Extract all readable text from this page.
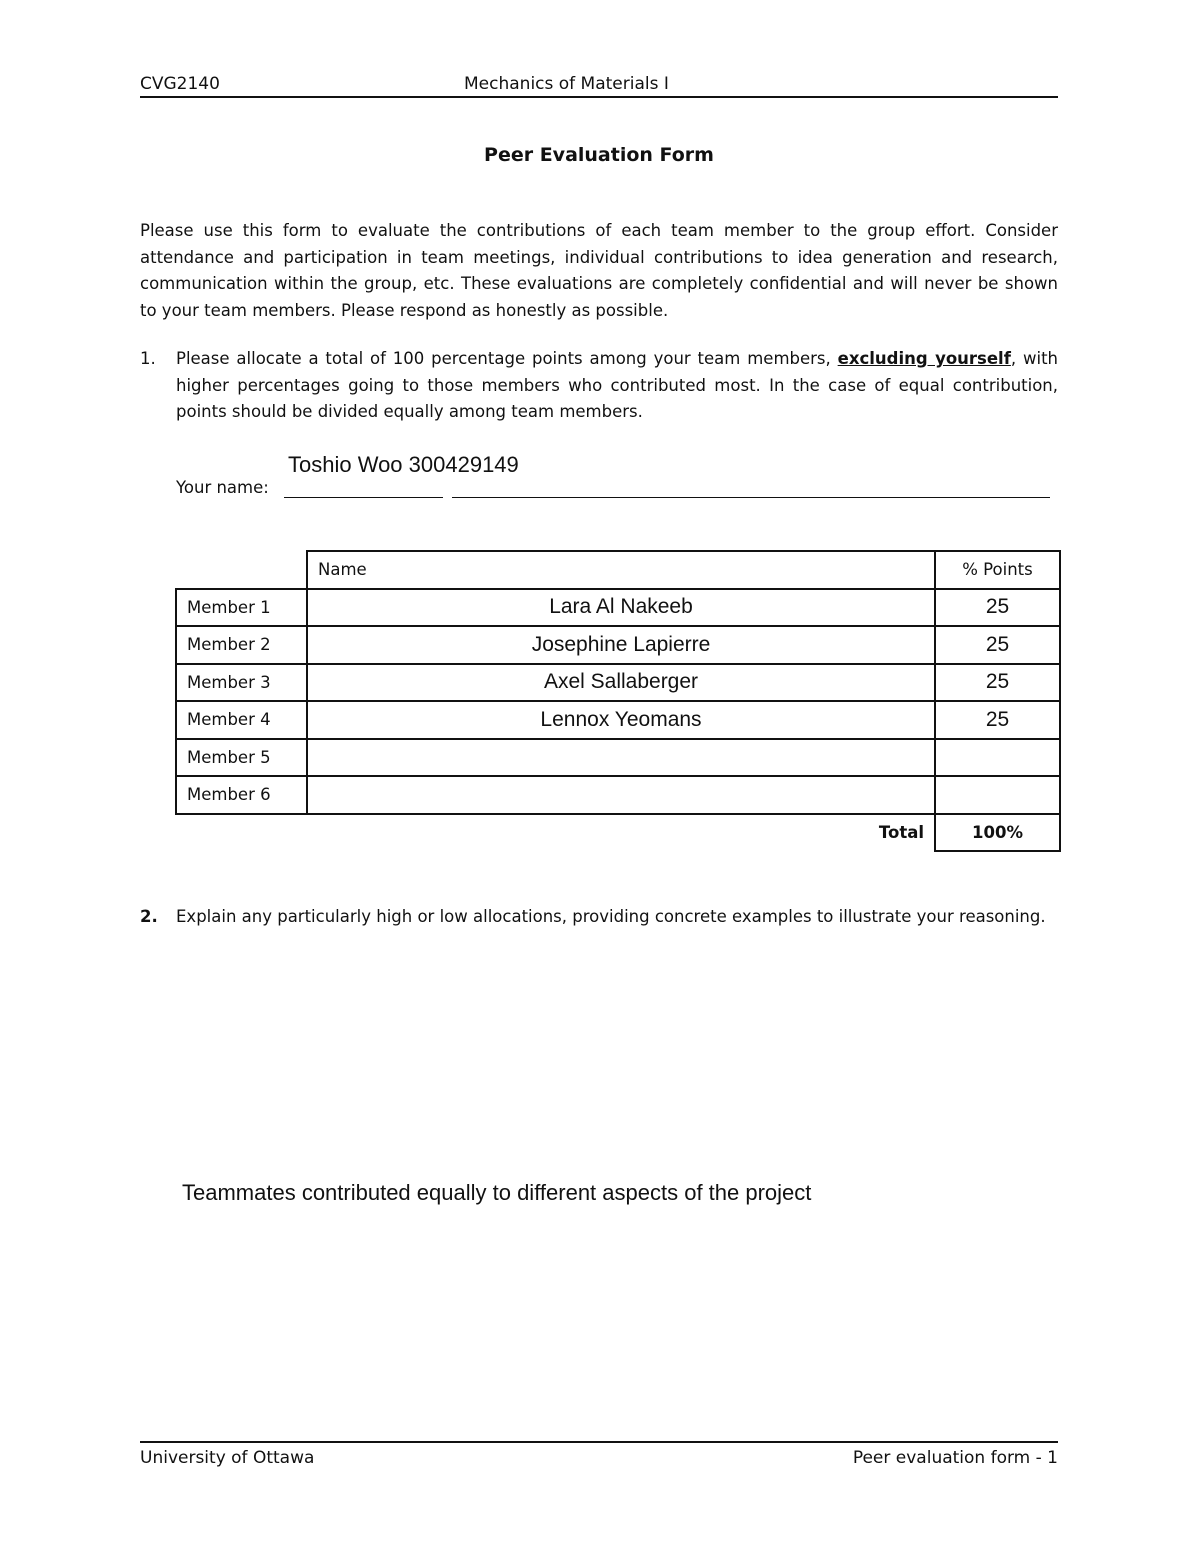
CVG2140	Mechanics of Materials I
Peer Evaluation Form
Please use this form to evaluate the contributions of each team member to the group effort. Consider attendance and participation in team meetings, individual contributions to idea generation and research, communication within the group, etc. These evaluations are completely confidential and will never be shown to your team members. Please respond as honestly as possible.
1. Please allocate a total of 100 percentage points among your team members, excluding yourself, with higher percentages going to those members who contributed most. In the case of equal contribution, points should be divided equally among team members.
Toshio Woo 300429149
Your name:
	Name	% Points
Member 1	Lara Al Nakeeb	25
Member 2	Josephine Lapierre	25
Member 3	Axel Sallaberger	25
Member 4	Lennox Yeomans	25
Member 5		
Member 6		
	Total	100%
2. Explain any particularly high or low allocations, providing concrete examples to illustrate your reasoning.
Teammates contributed equally to different aspects of the project
University of Ottawa	Peer evaluation form - 1
